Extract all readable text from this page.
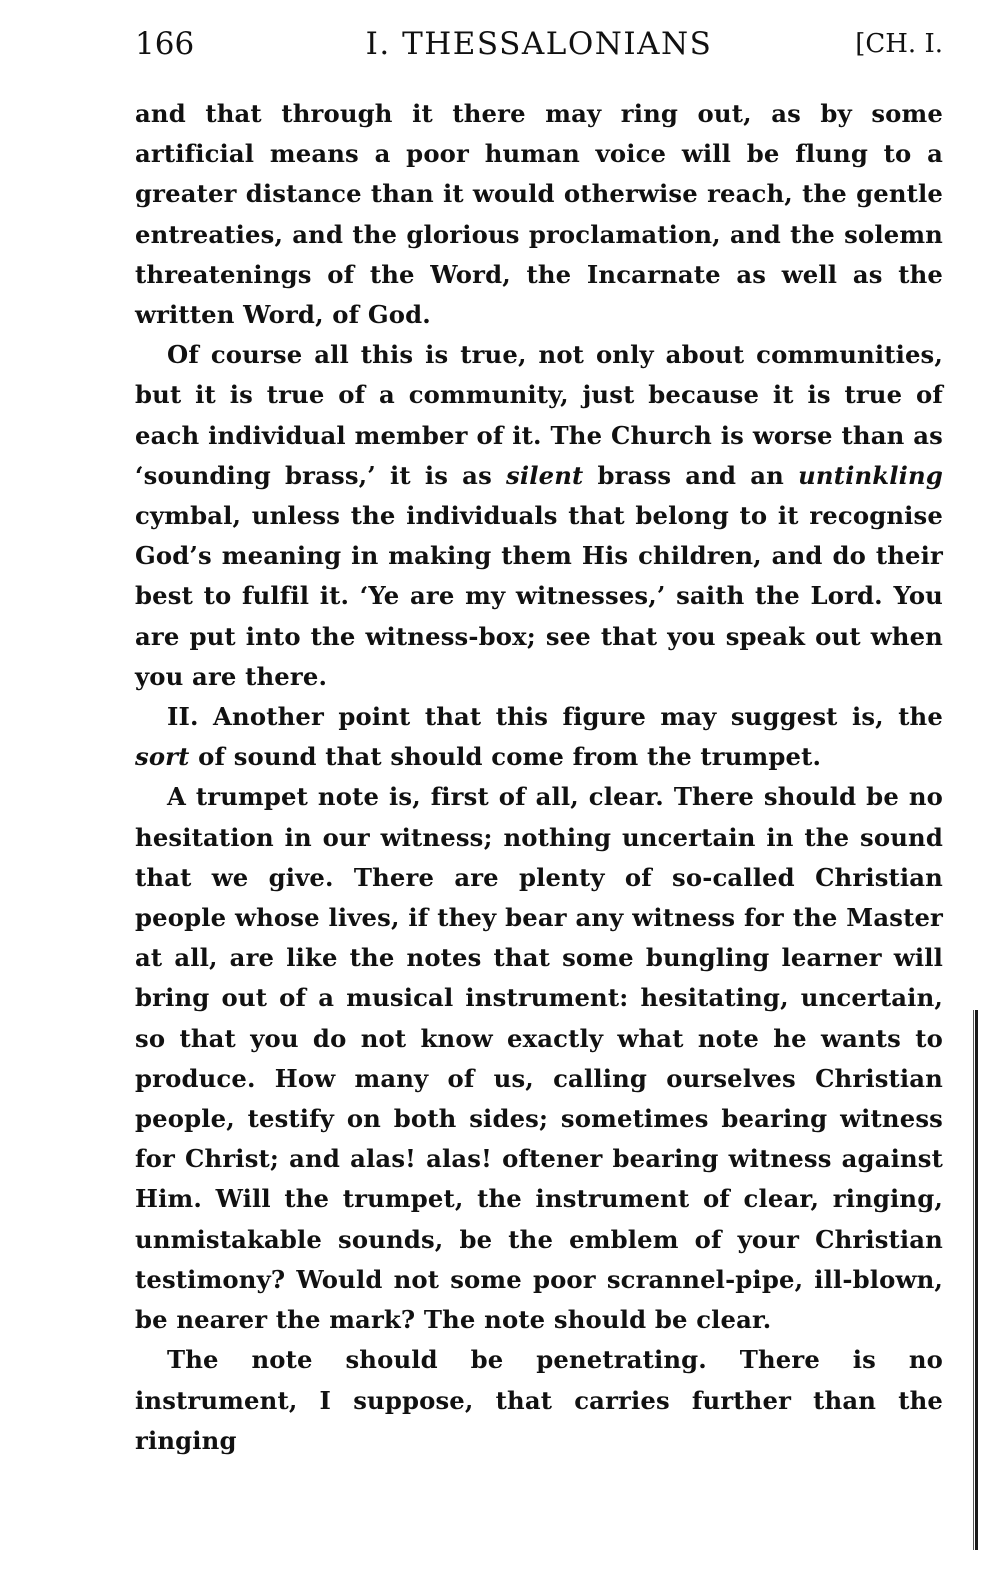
166	I. THESSALONIANS	[CH. I.

and that through it there may ring out, as by some artificial means a poor human voice will be flung to a greater distance than it would otherwise reach, the gentle entreaties, and the glorious proclamation, and the solemn threatenings of the Word, the Incarnate as well as the written Word, of God.

Of course all this is true, not only about communities, but it is true of a community, just because it is true of each individual member of it. The Church is worse than as ‘sounding brass,’ it is as silent brass and an untinkling cymbal, unless the individuals that belong to it recognise God’s meaning in making them His children, and do their best to fulfil it. ‘Ye are my witnesses,’ saith the Lord. You are put into the witness-box; see that you speak out when you are there.

II. Another point that this figure may suggest is, the sort of sound that should come from the trumpet.

A trumpet note is, first of all, clear. There should be no hesitation in our witness; nothing uncertain in the sound that we give. There are plenty of so-called Christian people whose lives, if they bear any witness for the Master at all, are like the notes that some bungling learner will bring out of a musical instrument: hesitating, uncertain, so that you do not know exactly what note he wants to produce. How many of us, calling ourselves Christian people, testify on both sides; sometimes bearing witness for Christ; and alas! alas! oftener bearing witness against Him. Will the trumpet, the instrument of clear, ringing, unmistakable sounds, be the emblem of your Christian testimony? Would not some poor scrannel-pipe, ill-blown, be nearer the mark? The note should be clear.

The note should be penetrating. There is no instrument, I suppose, that carries further than the ringing
